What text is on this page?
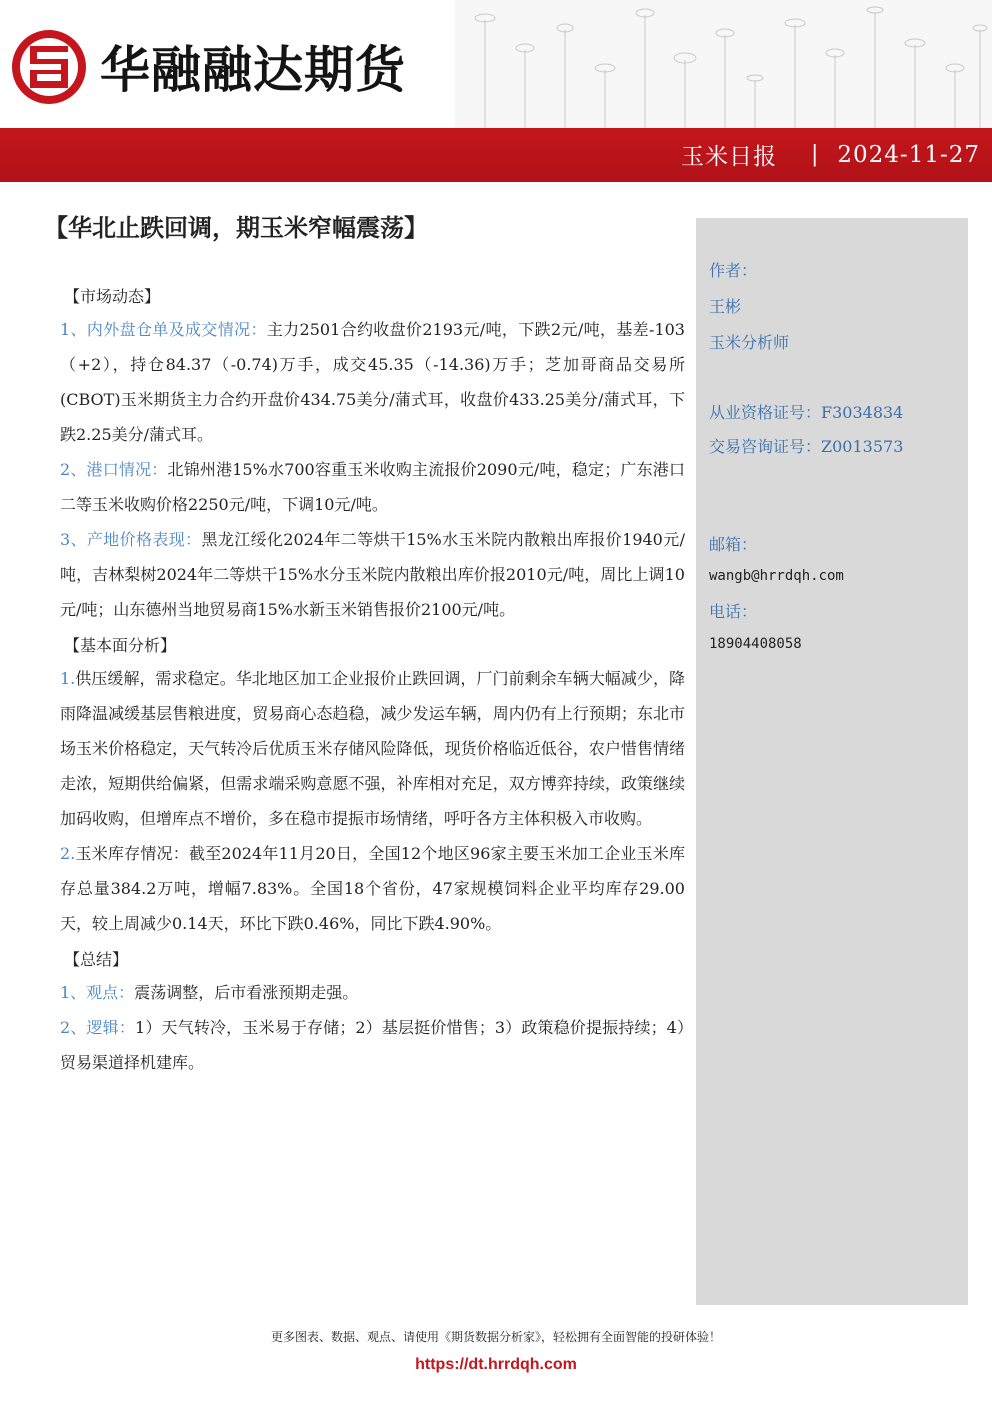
华融融达期货
玉米日报 | 2024-11-27
【华北止跌回调，期玉米窄幅震荡】
【市场动态】

1、内外盘仓单及成交情况：主力2501合约收盘价2193元/吨，下跌2元/吨，基差-103（+2），持仓84.37（-0.74)万手，成交45.35（-14.36)万手；芝加哥商品交易所(CBOT)玉米期货主力合约开盘价434.75美分/蒲式耳，收盘价433.25美分/蒲式耳，下跌2.25美分/蒲式耳。

2、港口情况：北锦州港15%水700容重玉米收购主流报价2090元/吨，稳定；广东港口二等玉米收购价格2250元/吨，下调10元/吨。

3、产地价格表现：黑龙江绥化2024年二等烘干15%水玉米院内散粮出库报价1940元/吨，吉林梨树2024年二等烘干15%水分玉米院内散粮出库价报2010元/吨，周比上调10元/吨；山东德州当地贸易商15%水新玉米销售报价2100元/吨。

【基本面分析】

1.供压缓解，需求稳定。华北地区加工企业报价止跌回调，厂门前剩余车辆大幅减少，降雨降温减缓基层售粮进度，贸易商心态趋稳，减少发运车辆，周内仍有上行预期；东北市场玉米价格稳定，天气转冷后优质玉米存储风险降低，现货价格临近低谷，农户惜售情绪走浓，短期供给偏紧，但需求端采购意愿不强，补库相对充足，双方博弈持续，政策继续加码收购，但增库点不增价，多在稳市提振市场情绪，呼吁各方主体积极入市收购。

2.玉米库存情况：截至2024年11月20日，全国12个地区96家主要玉米加工企业玉米库存总量384.2万吨，增幅7.83%。全国18个省份，47家规模饲料企业平均库存29.00天，较上周减少0.14天，环比下跌0.46%，同比下跌4.90%。

【总结】

1、观点：震荡调整，后市看涨预期走强。

2、逻辑：1）天气转冷，玉米易于存储；2）基层挺价惜售；3）政策稳价提振持续；4）贸易渠道择机建库。

作者：
王彬
玉米分析师
从业资格证号：F3034834
交易咨询证号：Z0013573
邮箱：
wangb@hrrdqh.com
电话：
18904408058
更多图表、数据、观点、请使用《期货数据分析家》，轻松拥有全面智能的投研体验！
https://dt.hrrdqh.com
